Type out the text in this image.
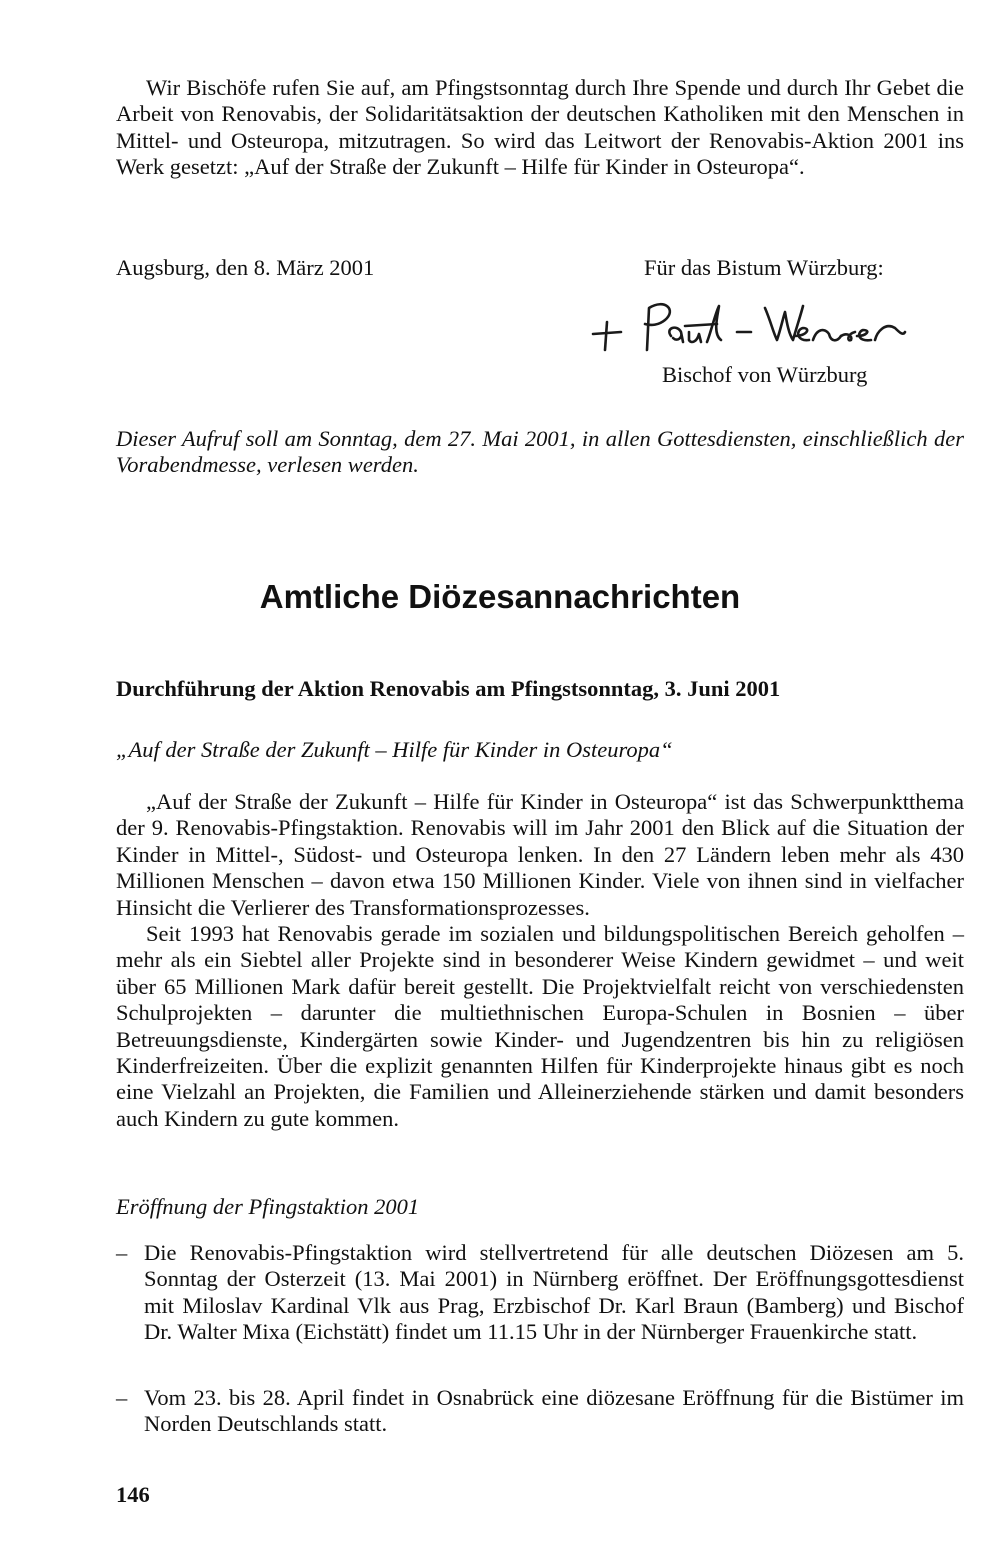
Wir Bischöfe rufen Sie auf, am Pfingstsonntag durch Ihre Spende und durch Ihr Gebet die Arbeit von Renovabis, der Solidaritätsaktion der deutschen Katholiken mit den Menschen in Mittel- und Osteuropa, mitzutragen. So wird das Leitwort der Renovabis-Aktion 2001 ins Werk gesetzt: „Auf der Straße der Zukunft – Hilfe für Kinder in Osteuropa“.

Augsburg, den 8. März 2001	Für das Bistum Würzburg:
Bischof von Würzburg

Dieser Aufruf soll am Sonntag, dem 27. Mai 2001, in allen Gottesdiensten, einschließlich der Vorabendmesse, verlesen werden.

Amtliche Diözesannachrichten
Durchführung der Aktion Renovabis am Pfingstsonntag, 3. Juni 2001
„Auf der Straße der Zukunft – Hilfe für Kinder in Osteuropa“

„Auf der Straße der Zukunft – Hilfe für Kinder in Osteuropa“ ist das Schwerpunktthema der 9. Renovabis-Pfingstaktion. Renovabis will im Jahr 2001 den Blick auf die Situation der Kinder in Mittel-, Südost- und Osteuropa lenken. In den 27 Ländern leben mehr als 430 Millionen Menschen – davon etwa 150 Millionen Kinder. Viele von ihnen sind in vielfacher Hinsicht die Verlierer des Transformationsprozesses.

Seit 1993 hat Renovabis gerade im sozialen und bildungspolitischen Bereich geholfen – mehr als ein Siebtel aller Projekte sind in besonderer Weise Kindern gewidmet – und weit über 65 Millionen Mark dafür bereit gestellt. Die Projektvielfalt reicht von verschiedensten Schulprojekten – darunter die multiethnischen Europa-Schulen in Bosnien – über Betreuungsdienste, Kindergärten sowie Kinder- und Jugendzentren bis hin zu religiösen Kinderfreizeiten. Über die explizit genannten Hilfen für Kinderprojekte hinaus gibt es noch eine Vielzahl an Projekten, die Familien und Alleinerziehende stärken und damit besonders auch Kindern zu gute kommen.

Eröffnung der Pfingstaktion 2001
– Die Renovabis-Pfingstaktion wird stellvertretend für alle deutschen Diözesen am 5. Sonntag der Osterzeit (13. Mai 2001) in Nürnberg eröffnet. Der Eröffnungsgottesdienst mit Miloslav Kardinal Vlk aus Prag, Erzbischof Dr. Karl Braun (Bamberg) und Bischof Dr. Walter Mixa (Eichstätt) findet um 11.15 Uhr in der Nürnberger Frauenkirche statt.
– Vom 23. bis 28. April findet in Osnabrück eine diözesane Eröffnung für die Bistümer im Norden Deutschlands statt.
146
